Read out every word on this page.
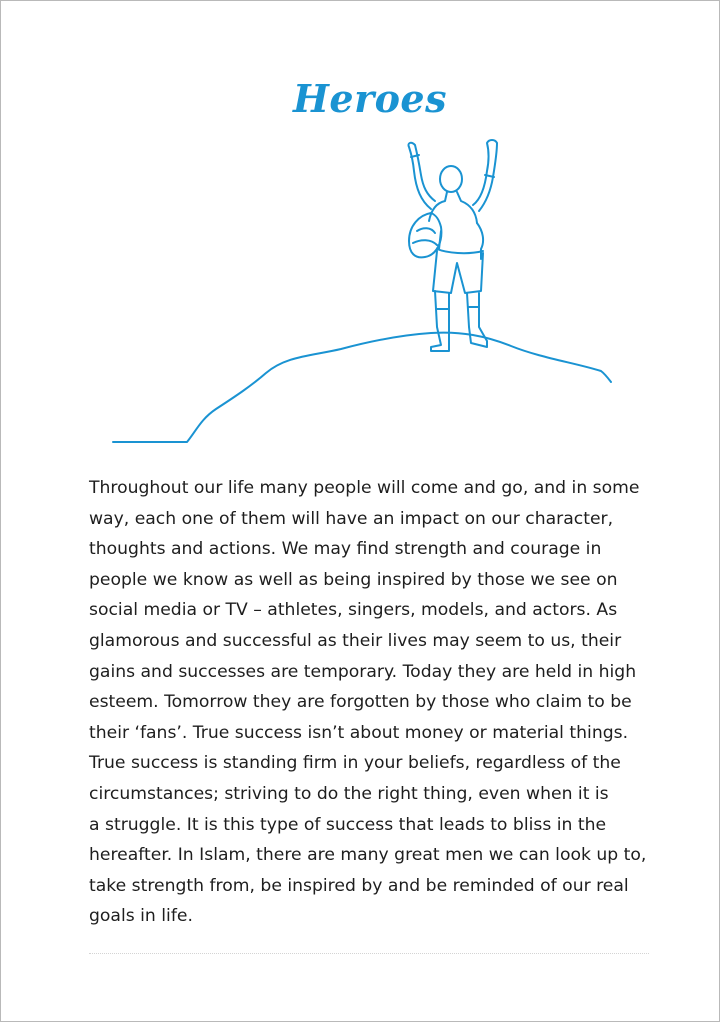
Heroes

Throughout our life many people will come and go, and in some
way, each one of them will have an impact on our character,
thoughts and actions. We may find strength and courage in
people we know as well as being inspired by those we see on
social media or TV – athletes, singers, models, and actors. As
glamorous and successful as their lives may seem to us, their
gains and successes are temporary. Today they are held in high
esteem. Tomorrow they are forgotten by those who claim to be
their ‘fans’. True success isn’t about money or material things.
True success is standing firm in your beliefs, regardless of the
circumstances; striving to do the right thing, even when it is
a struggle. It is this type of success that leads to bliss in the
hereafter. In Islam, there are many great men we can look up to,
take strength from, be inspired by and be reminded of our real
goals in life.
